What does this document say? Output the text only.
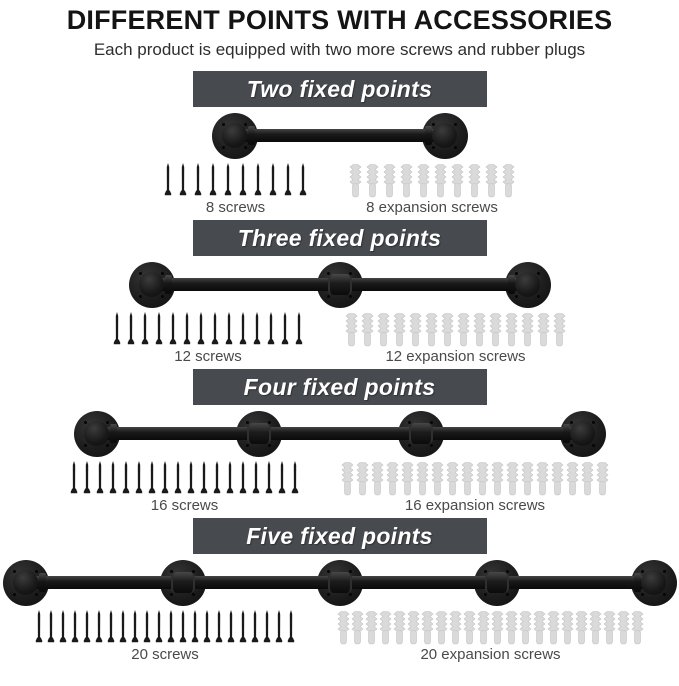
DIFFERENT POINTS WITH ACCESSORIES
Each product is equipped with two more screws and rubber plugs
Two fixed points
8 screws	8 expansion screws
Three fixed points
12 screws	12 expansion screws
Four fixed points
16 screws	16 expansion screws
Five fixed points
20 screws	20 expansion screws
